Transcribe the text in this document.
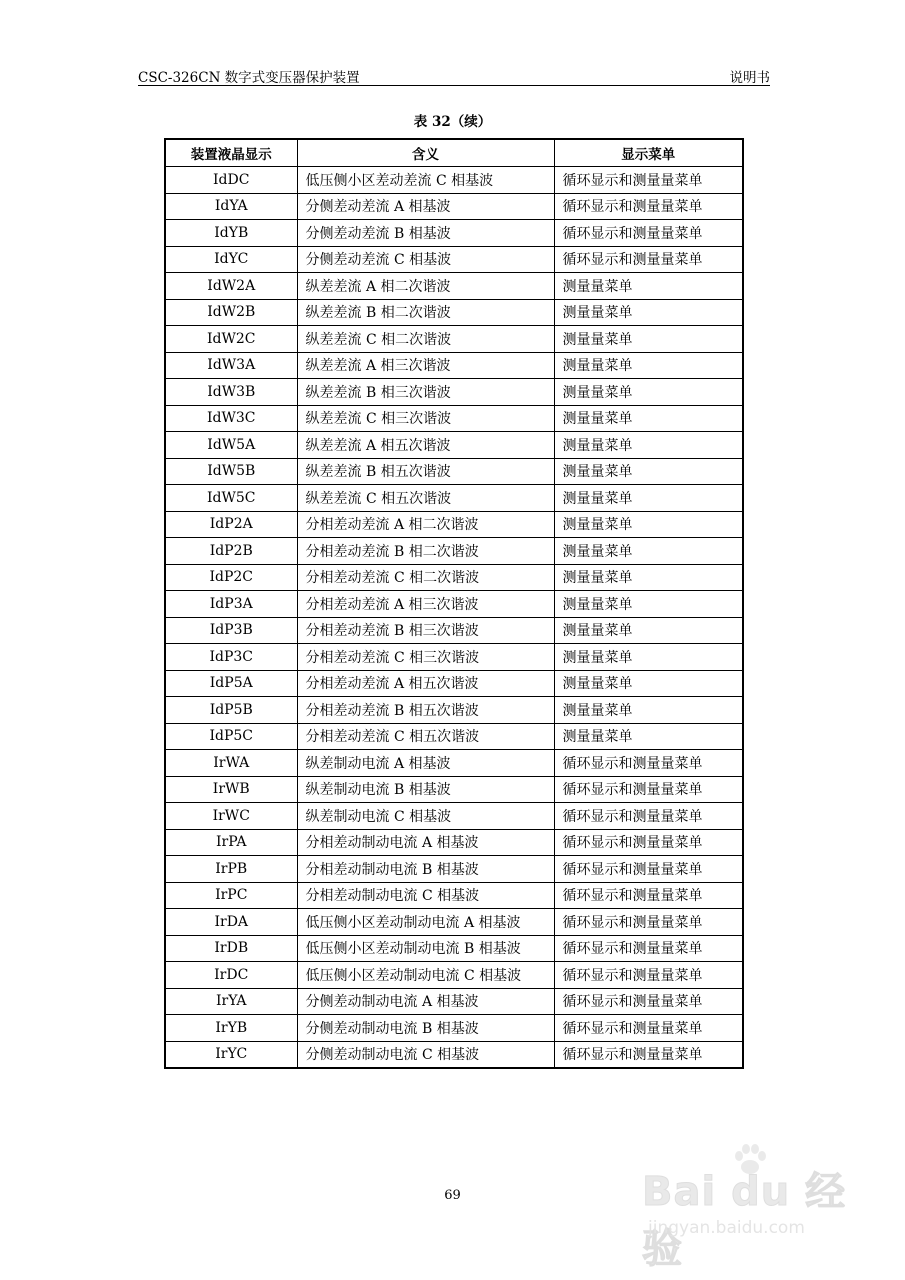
CSC-326CN 数字式变压器保护装置	说明书
表 32（续）
装置液晶显示	含义	显示菜单
IdDC	低压侧小区差动差流 C 相基波	循环显示和测量量菜单
IdYA	分侧差动差流 A 相基波	循环显示和测量量菜单
IdYB	分侧差动差流 B 相基波	循环显示和测量量菜单
IdYC	分侧差动差流 C 相基波	循环显示和测量量菜单
IdW2A	纵差差流 A 相二次谐波	测量量菜单
IdW2B	纵差差流 B 相二次谐波	测量量菜单
IdW2C	纵差差流 C 相二次谐波	测量量菜单
IdW3A	纵差差流 A 相三次谐波	测量量菜单
IdW3B	纵差差流 B 相三次谐波	测量量菜单
IdW3C	纵差差流 C 相三次谐波	测量量菜单
IdW5A	纵差差流 A 相五次谐波	测量量菜单
IdW5B	纵差差流 B 相五次谐波	测量量菜单
IdW5C	纵差差流 C 相五次谐波	测量量菜单
IdP2A	分相差动差流 A 相二次谐波	测量量菜单
IdP2B	分相差动差流 B 相二次谐波	测量量菜单
IdP2C	分相差动差流 C 相二次谐波	测量量菜单
IdP3A	分相差动差流 A 相三次谐波	测量量菜单
IdP3B	分相差动差流 B 相三次谐波	测量量菜单
IdP3C	分相差动差流 C 相三次谐波	测量量菜单
IdP5A	分相差动差流 A 相五次谐波	测量量菜单
IdP5B	分相差动差流 B 相五次谐波	测量量菜单
IdP5C	分相差动差流 C 相五次谐波	测量量菜单
IrWA	纵差制动电流 A 相基波	循环显示和测量量菜单
IrWB	纵差制动电流 B 相基波	循环显示和测量量菜单
IrWC	纵差制动电流 C 相基波	循环显示和测量量菜单
IrPA	分相差动制动电流 A 相基波	循环显示和测量量菜单
IrPB	分相差动制动电流 B 相基波	循环显示和测量量菜单
IrPC	分相差动制动电流 C 相基波	循环显示和测量量菜单
IrDA	低压侧小区差动制动电流 A 相基波	循环显示和测量量菜单
IrDB	低压侧小区差动制动电流 B 相基波	循环显示和测量量菜单
IrDC	低压侧小区差动制动电流 C 相基波	循环显示和测量量菜单
IrYA	分侧差动制动电流 A 相基波	循环显示和测量量菜单
IrYB	分侧差动制动电流 B 相基波	循环显示和测量量菜单
IrYC	分侧差动制动电流 C 相基波	循环显示和测量量菜单
69	Bai du 经验
jingyan.baidu.com
